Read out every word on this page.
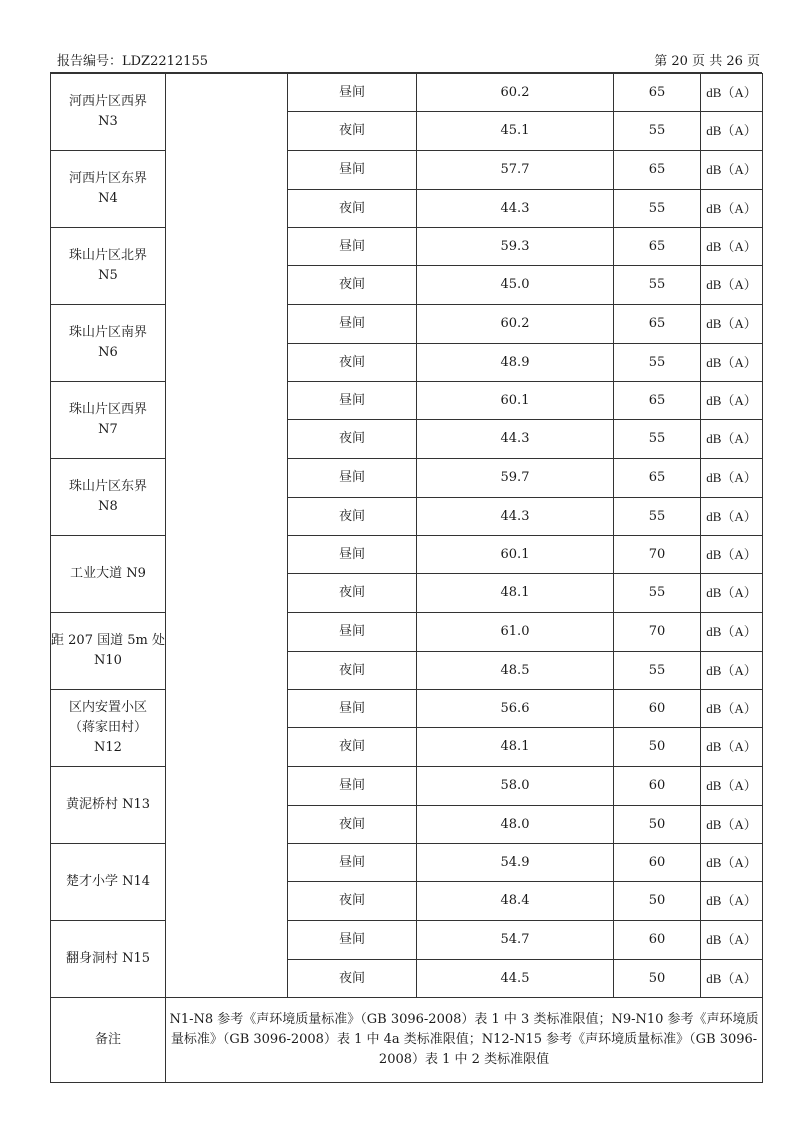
报告编号：LDZ2212155	第 20 页 共 26 页
河西片区西界
N3		昼间	60.2	65	dB（A）
		夜间	45.1	55	dB（A）

河西片区东界
N4		昼间	57.7	65	dB（A）
		夜间	44.3	55	dB（A）

珠山片区北界
N5		昼间	59.3	65	dB（A）
		夜间	45.0	55	dB（A）

珠山片区南界
N6		昼间	60.2	65	dB（A）
		夜间	48.9	55	dB（A）

珠山片区西界
N7		昼间	60.1	65	dB（A）
		夜间	44.3	55	dB（A）

珠山片区东界
N8		昼间	59.7	65	dB（A）
		夜间	44.3	55	dB（A）

工业大道 N9		昼间	60.1	70	dB（A）
		夜间	48.1	55	dB（A）

距 207 国道 5m 处
N10		昼间	61.0	70	dB（A）
		夜间	48.5	55	dB（A）

区内安置小区
（蒋家田村）
N12		昼间	56.6	60	dB（A）
		夜间	48.1	50	dB（A）

黄泥桥村 N13		昼间	58.0	60	dB（A）
		夜间	48.0	50	dB（A）

楚才小学 N14		昼间	54.9	60	dB（A）
		夜间	48.4	50	dB（A）

翻身洞村 N15		昼间	54.7	60	dB（A）
		夜间	44.5	50	dB（A）
备注	N1-N8 参考《声环境质量标准》（GB 3096-2008）表 1 中 3 类标准限值；N9-N10 参考《声环境质量标准》（GB 3096-2008）表 1 中 4a 类标准限值；N12-N15 参考《声环境质量标准》（GB 3096-2008）表 1 中 2 类标准限值				
